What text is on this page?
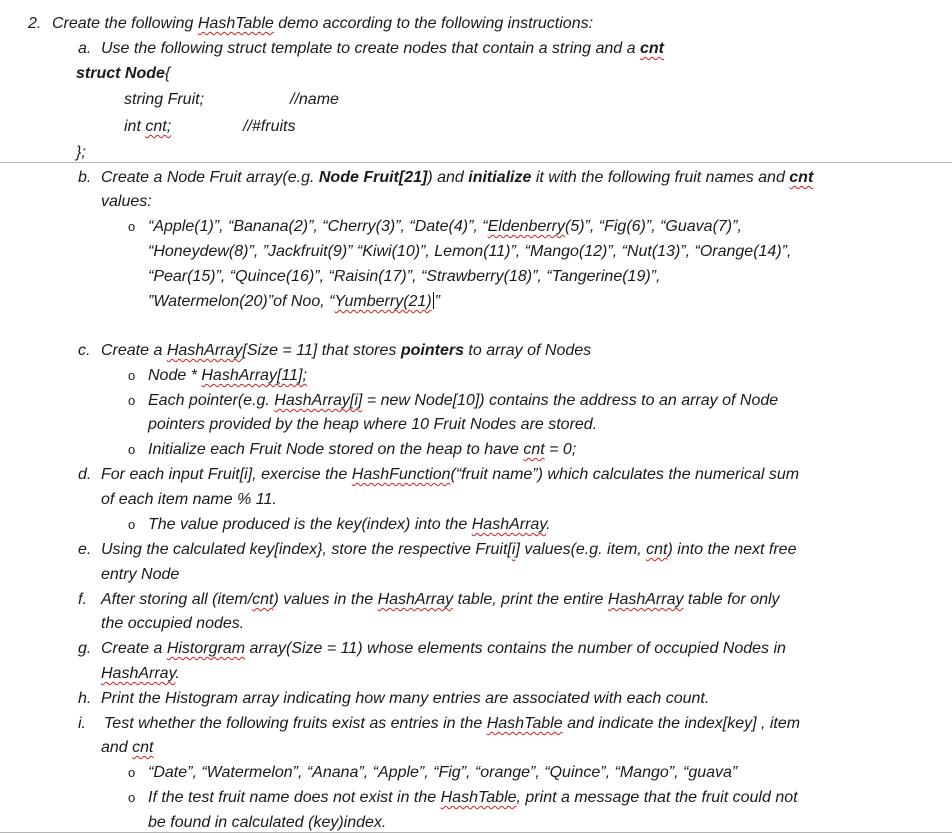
2. Create the following HashTable demo according to the following instructions:
a. Use the following struct template to create nodes that contain a string and a cnt
struct Node{
string Fruit;	//name
int cnt;	//#fruits
};
b. Create a Node Fruit array(e.g. Node Fruit[21]) and initialize it with the following fruit names and cnt
values:
o “Apple(1)”, “Banana(2)”, “Cherry(3)”, “Date(4)”, “Eldenberry(5)”, “Fig(6)”, “Guava(7)”,
“Honeydew(8)”, ”Jackfruit(9)” “Kiwi(10)”, Lemon(11)”, “Mango(12)”, “Nut(13)”, “Orange(14)”,
“Pear(15)”, “Quince(16)”, “Raisin(17)”, “Strawberry(18)”, “Tangerine(19)”,
”Watermelon(20)”of Noo, “Yumberry(21) ”
c. Create a HashArray[Size = 11] that stores pointers to array of Nodes
o Node * HashArray[11];
o Each pointer(e.g. HashArray[i] = new Node[10]) contains the address to an array of Node
pointers provided by the heap where 10 Fruit Nodes are stored.
o Initialize each Fruit Node stored on the heap to have cnt = 0;
d. For each input Fruit[i], exercise the HashFunction(“fruit name”) which calculates the numerical sum
of each item name % 11.
o The value produced is the key(index) into the HashArray.
e. Using the calculated key[index}, store the respective Fruit[i] values(e.g. item, cnt) into the next free
entry Node
f. After storing all (item/cnt) values in the HashArray table, print the entire HashArray table for only
the occupied nodes.
g. Create a Historgram array(Size = 11) whose elements contains the number of occupied Nodes in
HashArray.
h. Print the Histogram array indicating how many entries are associated with each count.
i. Test whether the following fruits exist as entries in the HashTable and indicate the index[key] , item
and cnt
o “Date”, “Watermelon”, “Anana”, “Apple”, “Fig”, “orange”, “Quince”, “Mango”, “guava”
o If the test fruit name does not exist in the HashTable, print a message that the fruit could not
be found in calculated (key)index.
